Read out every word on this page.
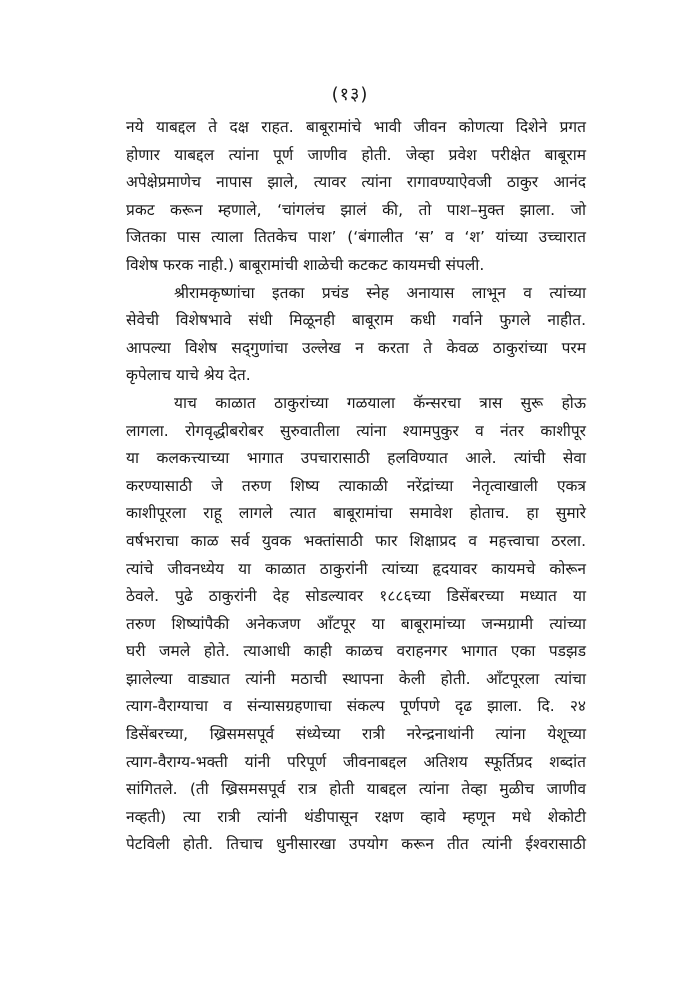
(१३)
नये याबद्दल ते दक्ष राहत. बाबूरामांचे भावी जीवन कोणत्या दिशेने प्रगत
होणार याबद्दल त्यांना पूर्ण जाणीव होती. जेव्हा प्रवेश परीक्षेत बाबूराम
अपेक्षेप्रमाणेच नापास झाले, त्यावर त्यांना रागावण्याऐवजी ठाकुर आनंद
प्रकट करून म्हणाले, ‘चांगलंच झालं की, तो पाश–मुक्त झाला. जो
जितका पास त्याला तितकेच पाश’ (‘बंगालीत ‘स’ व ‘श’ यांच्या उच्चारात
विशेष फरक नाही.) बाबूरामांची शाळेची कटकट कायमची संपली.
श्रीरामकृष्णांचा इतका प्रचंड स्नेह अनायास लाभून व त्यांच्या
सेवेची विशेषभावे संधी मिळूनही बाबूराम कधी गर्वाने फुगले नाहीत.
आपल्या विशेष सद्‌गुणांचा उल्लेख न करता ते केवळ ठाकुरांच्या परम
कृपेलाच याचे श्रेय देत.
याच काळात ठाकुरांच्या गळयाला कॅन्सरचा त्रास सुरू होऊ
लागला. रोगवृद्धीबरोबर सुरुवातीला त्यांना श्यामपुकुर व नंतर काशीपूर
या कलकत्त्याच्या भागात उपचारासाठी हलविण्यात आले. त्यांची सेवा
करण्यासाठी जे तरुण शिष्य त्याकाळी नरेंद्रांच्या नेतृत्वाखाली एकत्र
काशीपूरला राहू लागले त्यात बाबूरामांचा समावेश होताच. हा सुमारे
वर्षभराचा काळ सर्व युवक भक्तांसाठी फार शिक्षाप्रद व महत्त्वाचा ठरला.
त्यांचे जीवनध्येय या काळात ठाकुरांनी त्यांच्या हृदयावर कायमचे कोरून
ठेवले. पुढे ठाकुरांनी देह सोडल्यावर १८८६च्या डिसेंबरच्या मध्यात या
तरुण शिष्यांपैकी अनेकजण आँटपूर या बाबूरामांच्या जन्मग्रामी त्यांच्या
घरी जमले होते. त्याआधी काही काळच वराहनगर भागात एका पडझड
झालेल्या वाड्यात त्यांनी मठाची स्थापना केली होती. आँटपूरला त्यांचा
त्याग-वैराग्याचा व संन्यासग्रहणाचा संकल्प पूर्णपणे दृढ झाला. दि. २४
डिसेंबरच्या, ख्रिसमसपूर्व संध्येच्या रात्री नरेन्द्रनाथांनी त्यांना येशूच्या
त्याग-वैराग्य-भक्ती यांनी परिपूर्ण जीवनाबद्दल अतिशय स्फूर्तिप्रद शब्दांत
सांगितले. (ती ख्रिसमसपूर्व रात्र होती याबद्दल त्यांना तेव्हा मुळीच जाणीव
नव्हती) त्या रात्री त्यांनी थंडीपासून रक्षण व्हावे म्हणून मधे शेकोटी
पेटविली होती. तिचाच धुनीसारखा उपयोग करून तीत त्यांनी ईश्वरासाठी
